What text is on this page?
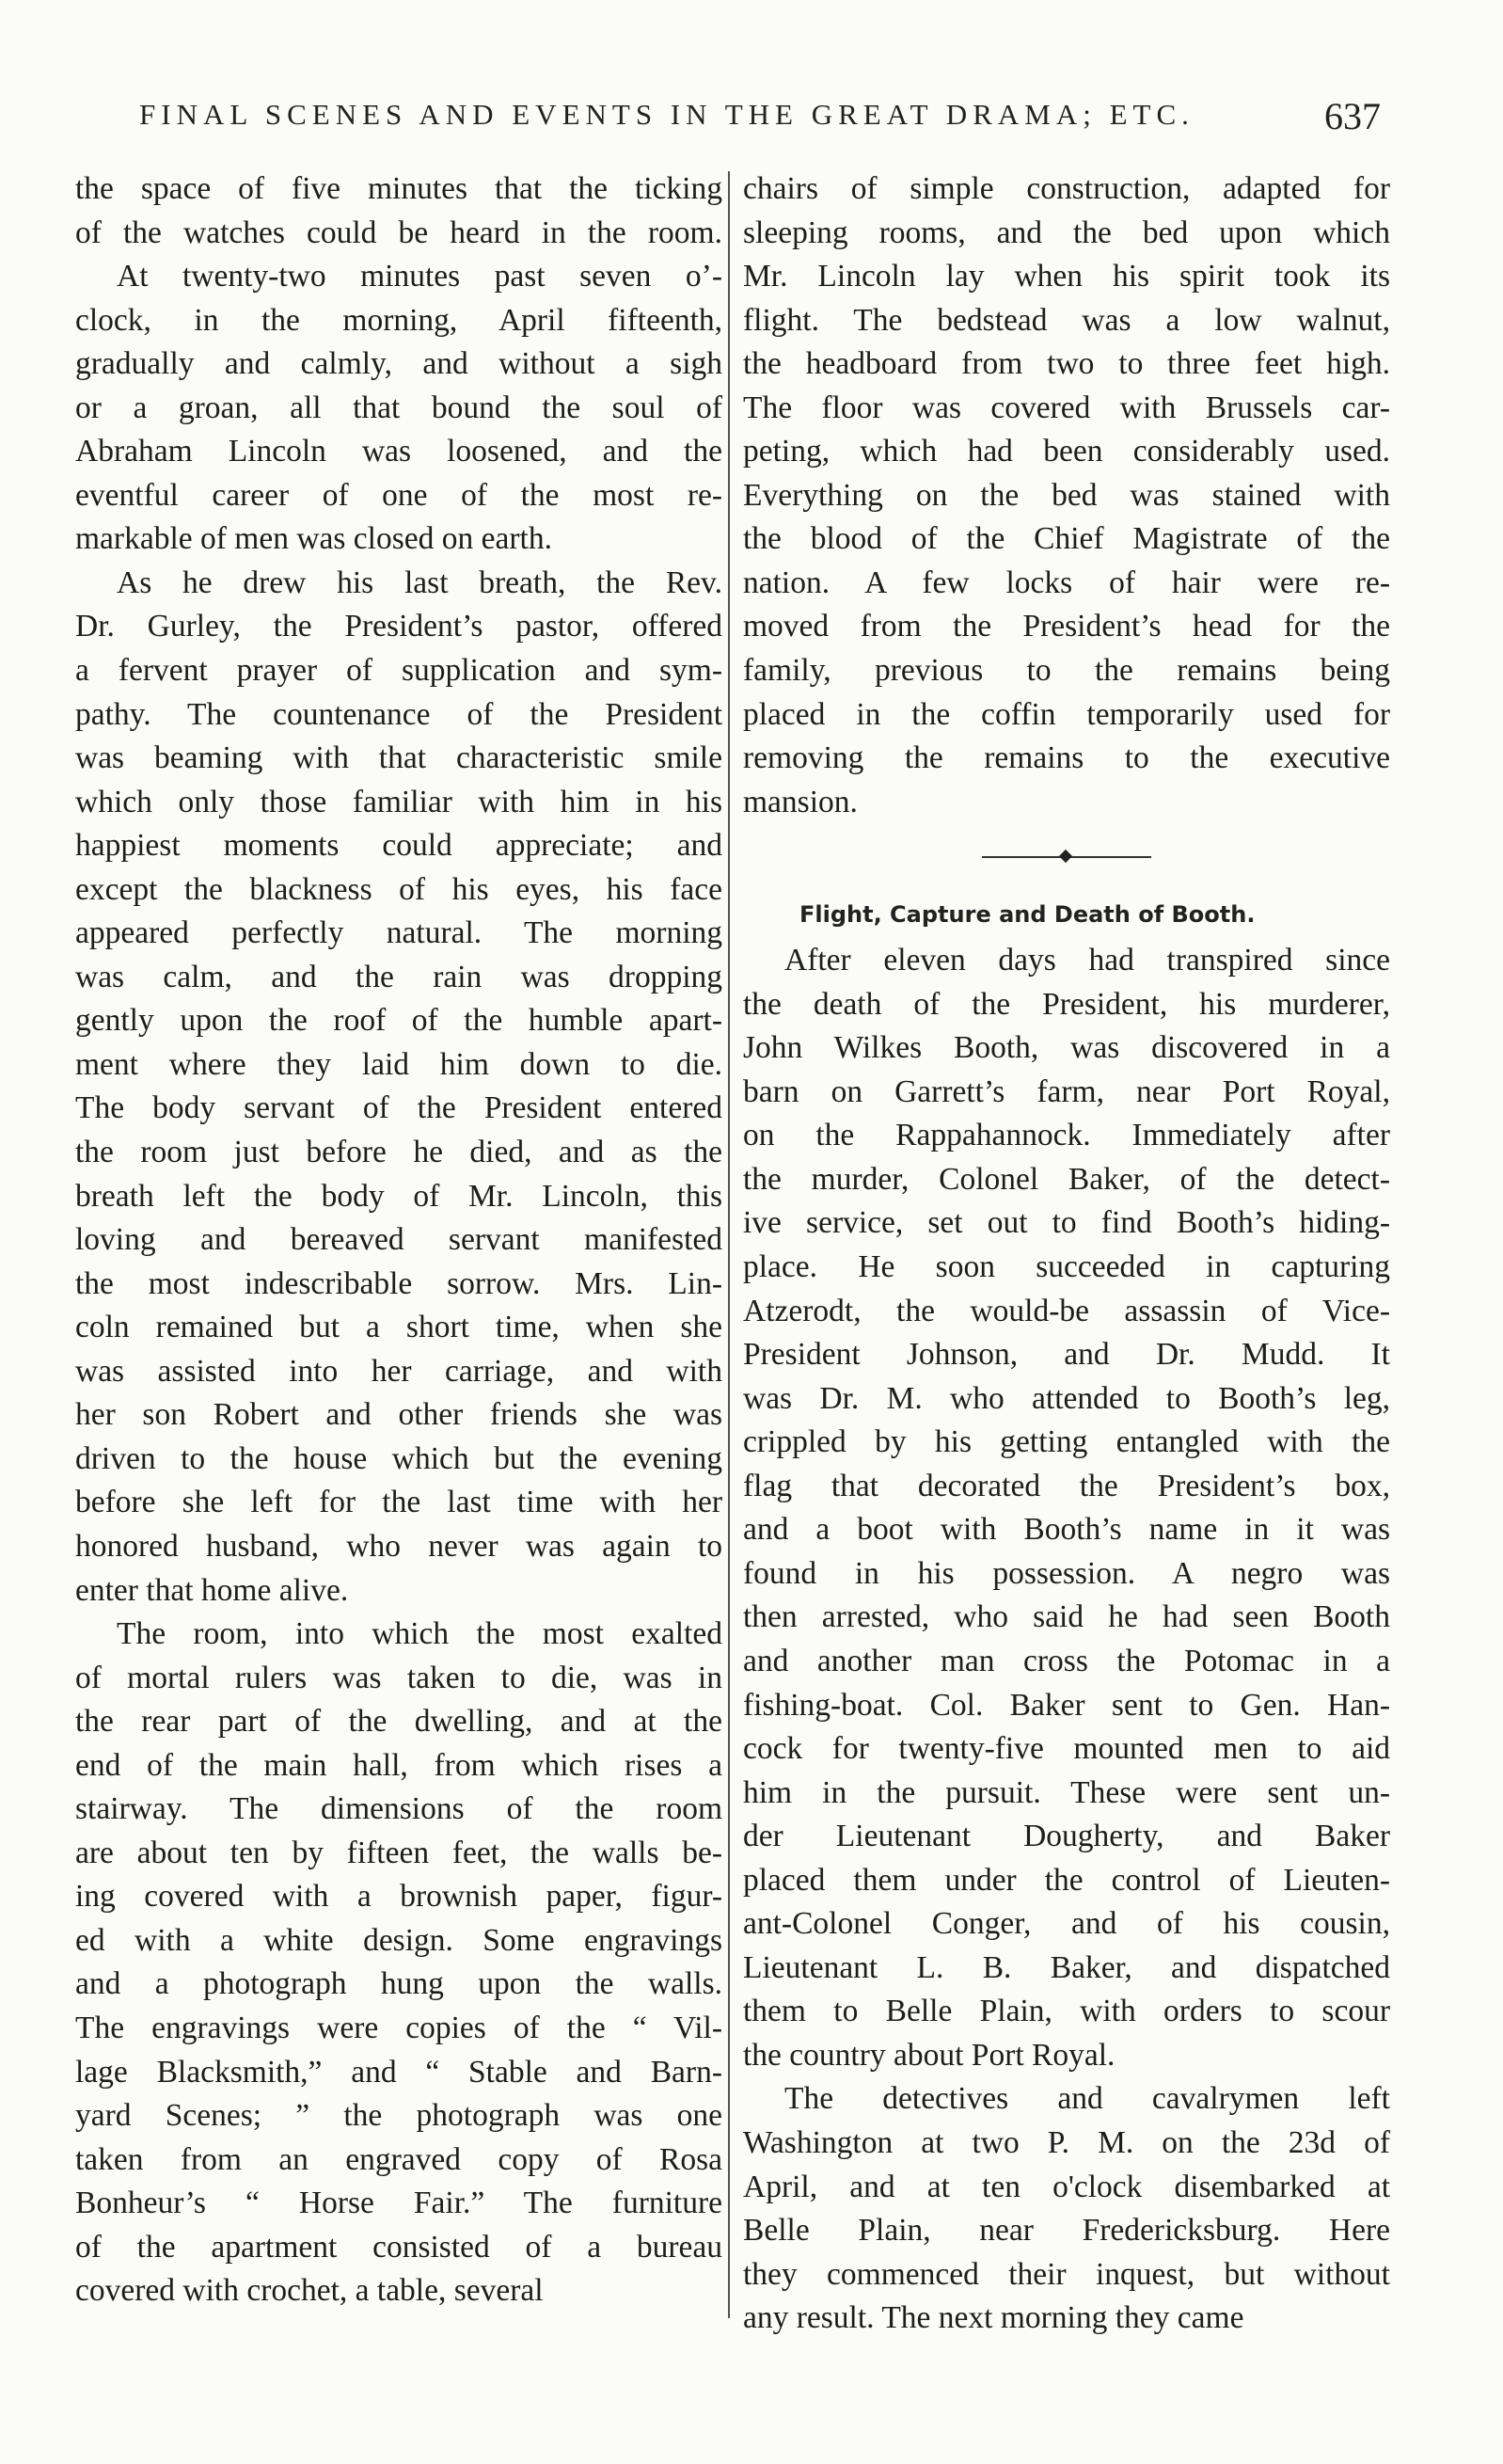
FINAL SCENES AND EVENTS IN THE GREAT DRAMA; ETC.	637
the space of five minutes that the ticking
of the watches could be heard in the room.
At twenty-two minutes past seven o’-
clock, in the morning, April fifteenth,
gradually and calmly, and without a sigh
or a groan, all that bound the soul of
Abraham Lincoln was loosened, and the
eventful career of one of the most re-
markable of men was closed on earth.
As he drew his last breath, the Rev.
Dr. Gurley, the President’s pastor, offered
a fervent prayer of supplication and sym-
pathy. The countenance of the President
was beaming with that characteristic smile
which only those familiar with him in his
happiest moments could appreciate; and
except the blackness of his eyes, his face
appeared perfectly natural. The morning
was calm, and the rain was dropping
gently upon the roof of the humble apart-
ment where they laid him down to die.
The body servant of the President entered
the room just before he died, and as the
breath left the body of Mr. Lincoln, this
loving and bereaved servant manifested
the most indescribable sorrow. Mrs. Lin-
coln remained but a short time, when she
was assisted into her carriage, and with
her son Robert and other friends she was
driven to the house which but the evening
before she left for the last time with her
honored husband, who never was again to
enter that home alive.
The room, into which the most exalted
of mortal rulers was taken to die, was in
the rear part of the dwelling, and at the
end of the main hall, from which rises a
stairway. The dimensions of the room
are about ten by fifteen feet, the walls be-
ing covered with a brownish paper, figur-
ed with a white design. Some engravings
and a photograph hung upon the walls.
The engravings were copies of the “ Vil-
lage Blacksmith,” and “ Stable and Barn-
yard Scenes; ” the photograph was one
taken from an engraved copy of Rosa
Bonheur’s “ Horse Fair.” The furniture
of the apartment consisted of a bureau
covered with crochet, a table, several
chairs of simple construction, adapted for
sleeping rooms, and the bed upon which
Mr. Lincoln lay when his spirit took its
flight. The bedstead was a low walnut,
the headboard from two to three feet high.
The floor was covered with Brussels car-
peting, which had been considerably used.
Everything on the bed was stained with
the blood of the Chief Magistrate of the
nation. A few locks of hair were re-
moved from the President’s head for the
family, previous to the remains being
placed in the coffin temporarily used for
removing the remains to the executive
mansion.
Flight, Capture and Death of Booth.
After eleven days had transpired since
the death of the President, his murderer,
John Wilkes Booth, was discovered in a
barn on Garrett’s farm, near Port Royal,
on the Rappahannock. Immediately after
the murder, Colonel Baker, of the detect-
ive service, set out to find Booth’s hiding-
place. He soon succeeded in capturing
Atzerodt, the would-be assassin of Vice-
President Johnson, and Dr. Mudd. It
was Dr. M. who attended to Booth’s leg,
crippled by his getting entangled with the
flag that decorated the President’s box,
and a boot with Booth’s name in it was
found in his possession. A negro was
then arrested, who said he had seen Booth
and another man cross the Potomac in a
fishing-boat. Col. Baker sent to Gen. Han-
cock for twenty-five mounted men to aid
him in the pursuit. These were sent un-
der Lieutenant Dougherty, and Baker
placed them under the control of Lieuten-
ant-Colonel Conger, and of his cousin,
Lieutenant L. B. Baker, and dispatched
them to Belle Plain, with orders to scour
the country about Port Royal.
The detectives and cavalrymen left
Washington at two P. M. on the 23d of
April, and at ten o'clock disembarked at
Belle Plain, near Fredericksburg. Here
they commenced their inquest, but without
any result. The next morning they came
